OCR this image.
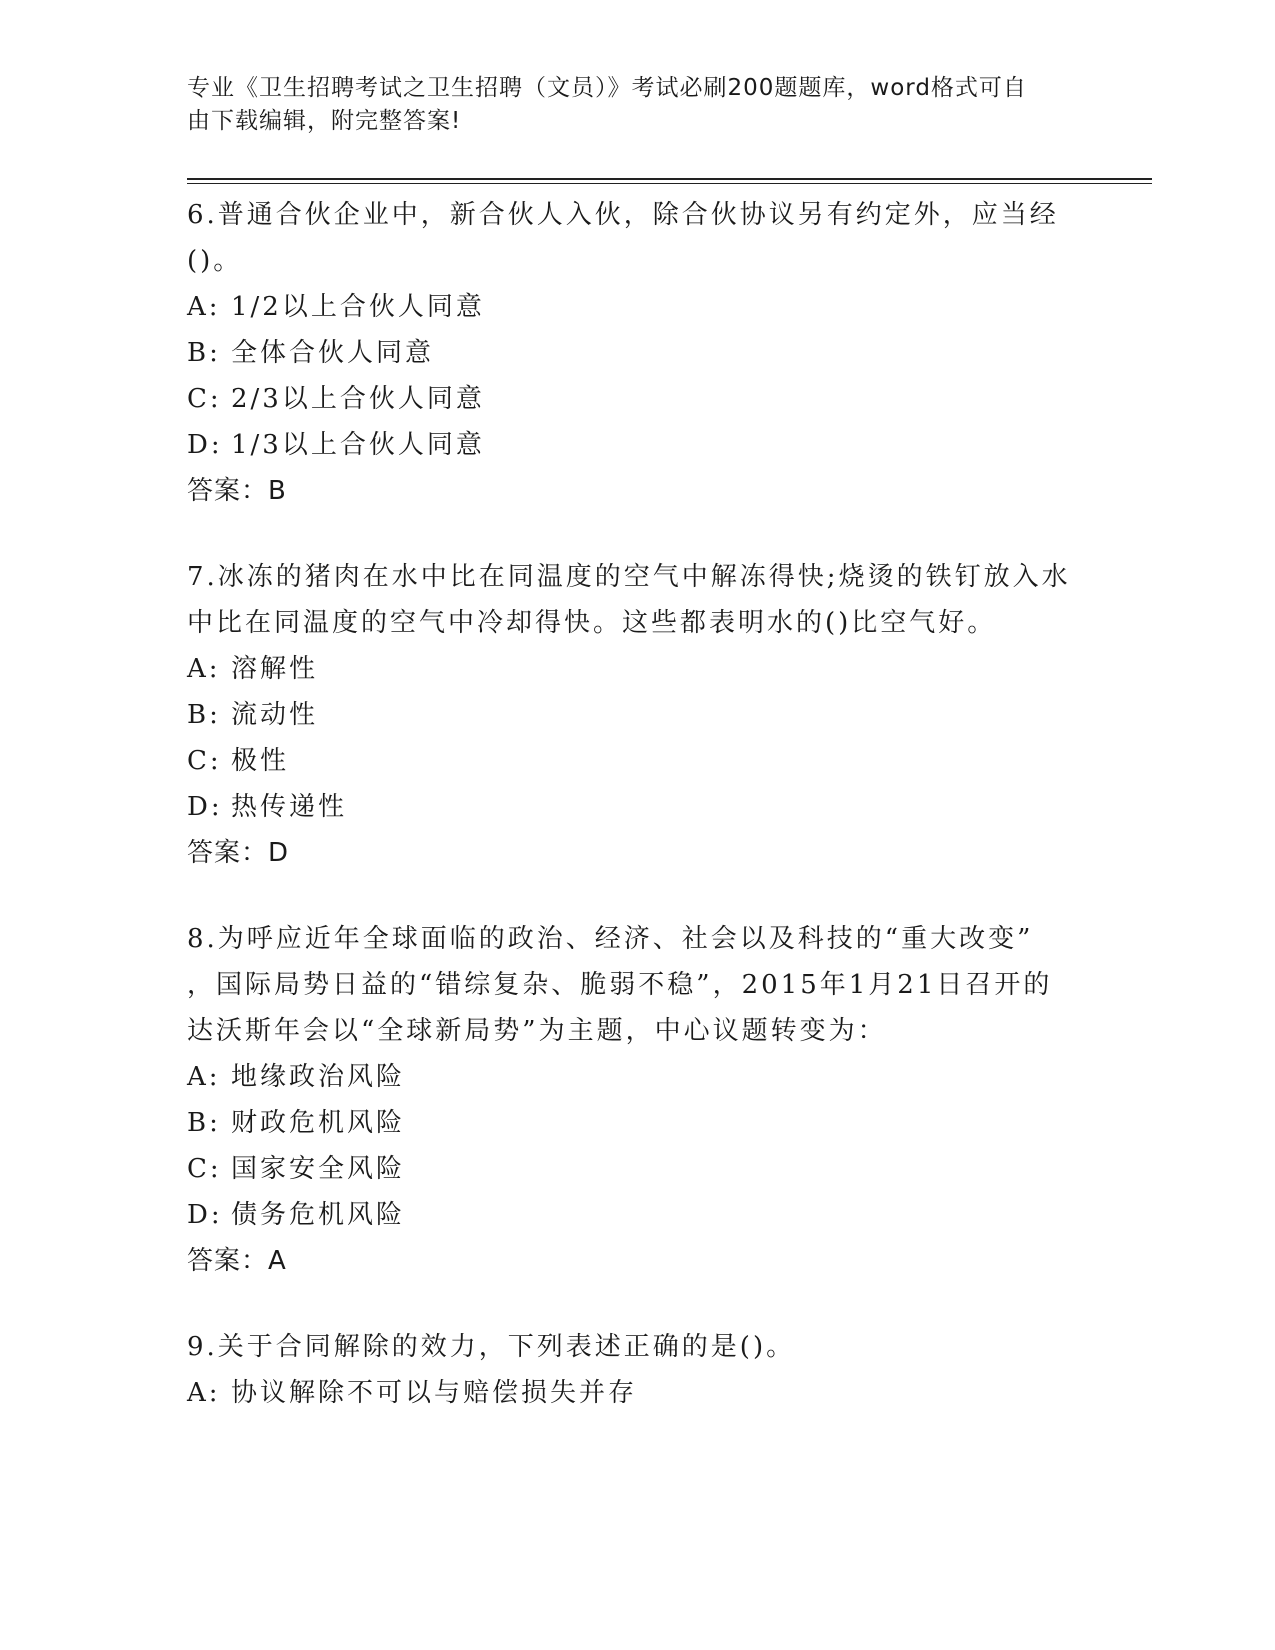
专业《卫生招聘考试之卫生招聘（文员）》考试必刷200题题库，word格式可自
由下载编辑，附完整答案!

6.普通合伙企业中，新合伙人入伙，除合伙协议另有约定外，应当经

()。

A: 1/2以上合伙人同意

B: 全体合伙人同意

C: 2/3以上合伙人同意

D: 1/3以上合伙人同意

答案：B

7.冰冻的猪肉在水中比在同温度的空气中解冻得快;烧烫的铁钉放入水

中比在同温度的空气中冷却得快。这些都表明水的()比空气好。

A: 溶解性

B: 流动性

C: 极性

D: 热传递性

答案：D

8.为呼应近年全球面临的政治、经济、社会以及科技的“重大改变”

，国际局势日益的“错综复杂、脆弱不稳”，2015年1月21日召开的

达沃斯年会以“全球新局势”为主题，中心议题转变为：

A: 地缘政治风险

B: 财政危机风险

C: 国家安全风险

D: 债务危机风险

答案：A

9.关于合同解除的效力，下列表述正确的是()。

A: 协议解除不可以与赔偿损失并存
